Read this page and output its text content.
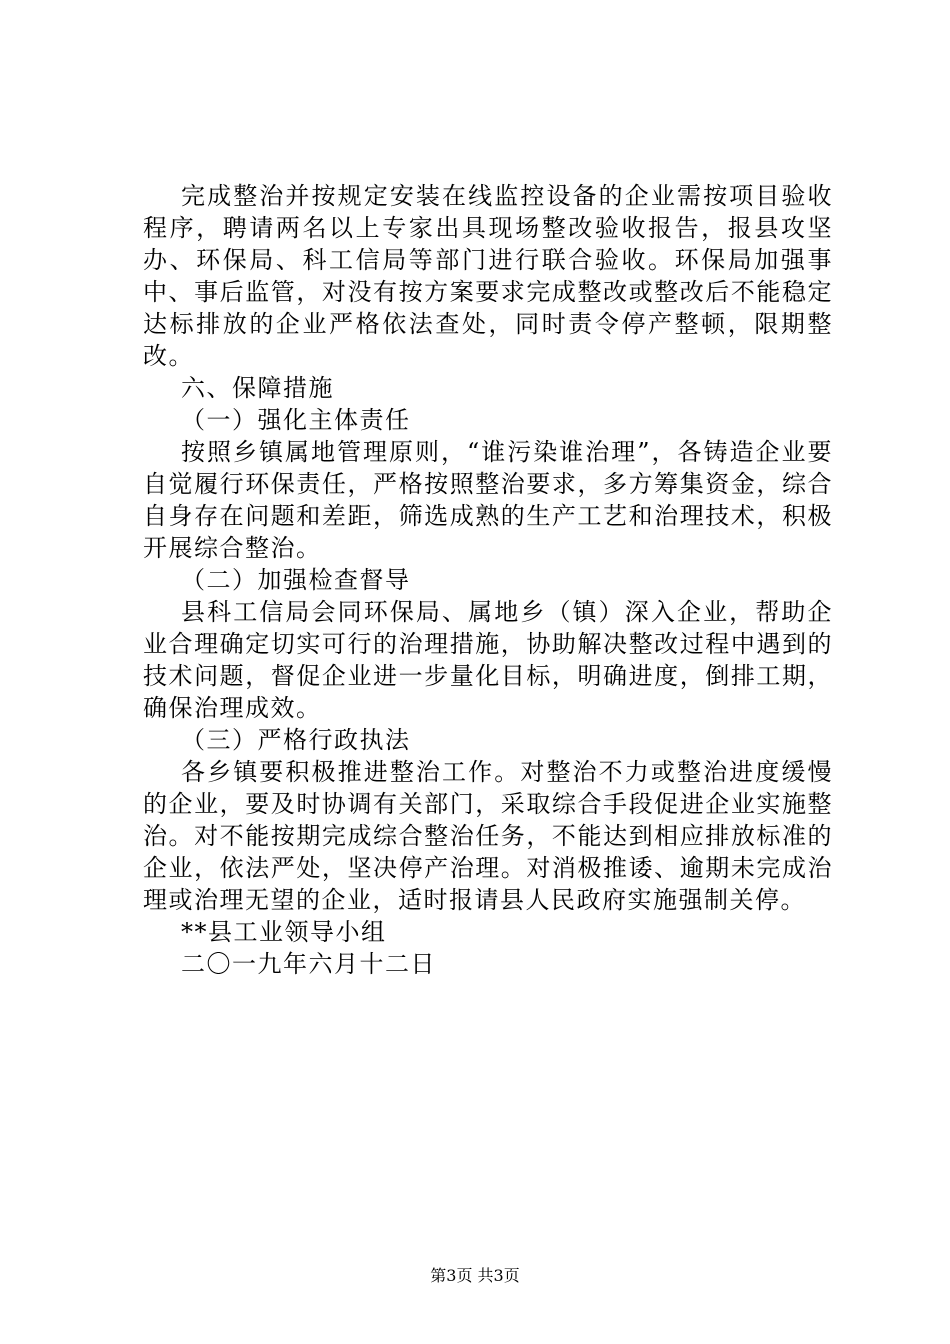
完成整治并按规定安装在线监控设备的企业需按项目验收程序，聘请两名以上专家出具现场整改验收报告，报县攻坚办、环保局、科工信局等部门进行联合验收。环保局加强事中、事后监管，对没有按方案要求完成整改或整改后不能稳定达标排放的企业严格依法查处，同时责令停产整顿，限期整改。

六、保障措施

（一）强化主体责任

按照乡镇属地管理原则，“谁污染谁治理”，各铸造企业要自觉履行环保责任，严格按照整治要求，多方筹集资金，综合自身存在问题和差距，筛选成熟的生产工艺和治理技术，积极开展综合整治。

（二）加强检查督导

县科工信局会同环保局、属地乡（镇）深入企业，帮助企业合理确定切实可行的治理措施，协助解决整改过程中遇到的技术问题，督促企业进一步量化目标，明确进度，倒排工期，确保治理成效。

（三）严格行政执法

各乡镇要积极推进整治工作。对整治不力或整治进度缓慢的企业，要及时协调有关部门，采取综合手段促进企业实施整治。对不能按期完成综合整治任务，不能达到相应排放标准的企业，依法严处，坚决停产治理。对消极推诿、逾期未完成治理或治理无望的企业，适时报请县人民政府实施强制关停。

**县工业领导小组

二〇一九年六月十二日

第3页 共3页
